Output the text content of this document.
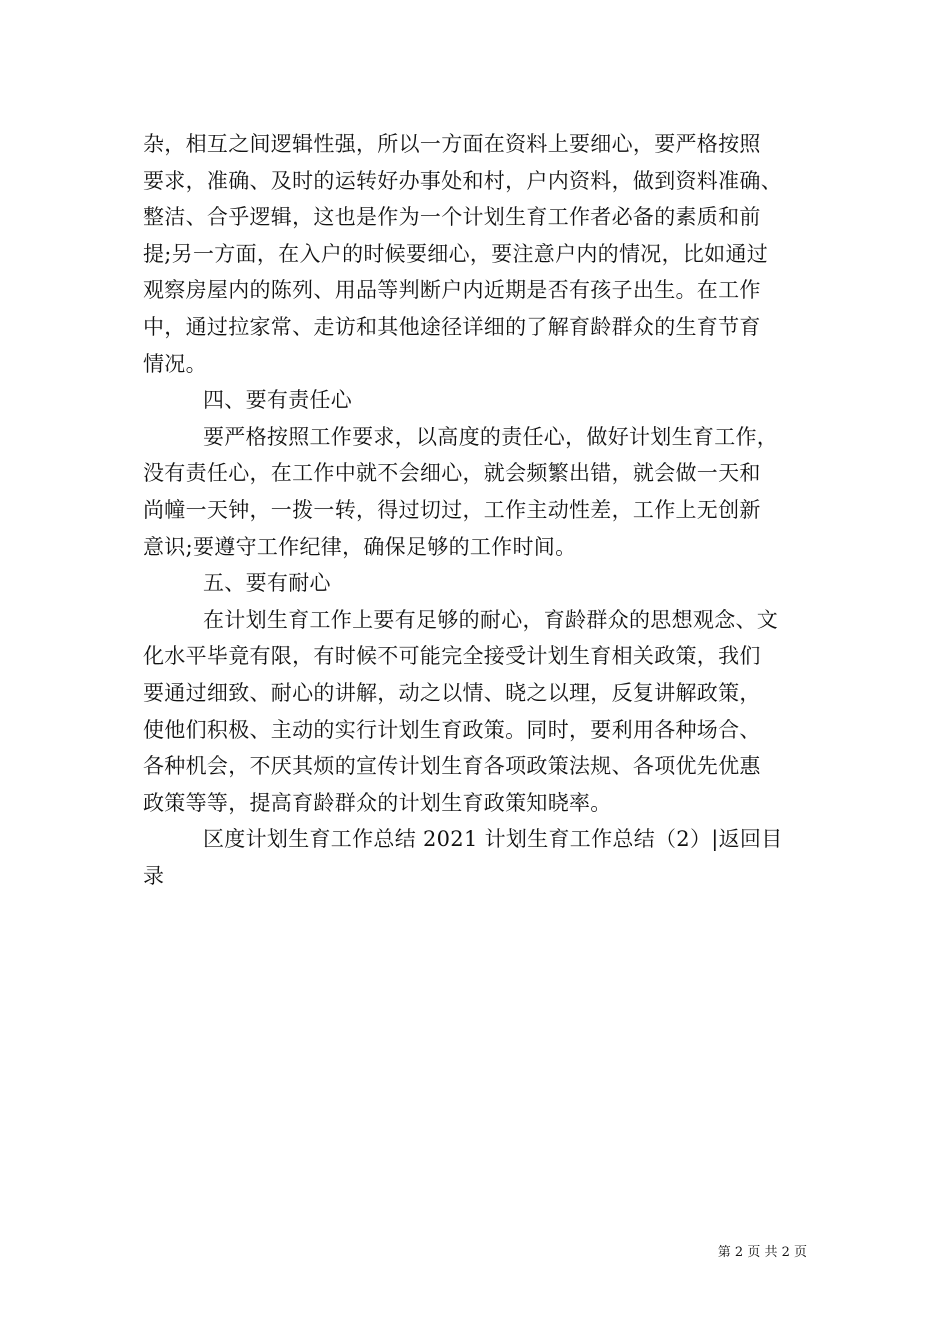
杂，相互之间逻辑性强，所以一方面在资料上要细心，要严格按照
要求，准确、及时的运转好办事处和村，户内资料，做到资料准确、
整洁、合乎逻辑，这也是作为一个计划生育工作者必备的素质和前
提;另一方面，在入户的时候要细心，要注意户内的情况，比如通过
观察房屋内的陈列、用品等判断户内近期是否有孩子出生。在工作
中，通过拉家常、走访和其他途径详细的了解育龄群众的生育节育
情况。
四、要有责任心
要严格按照工作要求，以高度的责任心，做好计划生育工作，
没有责任心，在工作中就不会细心，就会频繁出错，就会做一天和
尚幢一天钟，一拨一转，得过切过，工作主动性差，工作上无创新
意识;要遵守工作纪律，确保足够的工作时间。
五、要有耐心
在计划生育工作上要有足够的耐心，育龄群众的思想观念、文
化水平毕竟有限，有时候不可能完全接受计划生育相关政策，我们
要通过细致、耐心的讲解，动之以情、晓之以理，反复讲解政策，
使他们积极、主动的实行计划生育政策。同时，要利用各种场合、
各种机会，不厌其烦的宣传计划生育各项政策法规、各项优先优惠
政策等等，提高育龄群众的计划生育政策知晓率。
区度计划生育工作总结 2021 计划生育工作总结（2）|返回目
录
第 2 页 共 2 页
